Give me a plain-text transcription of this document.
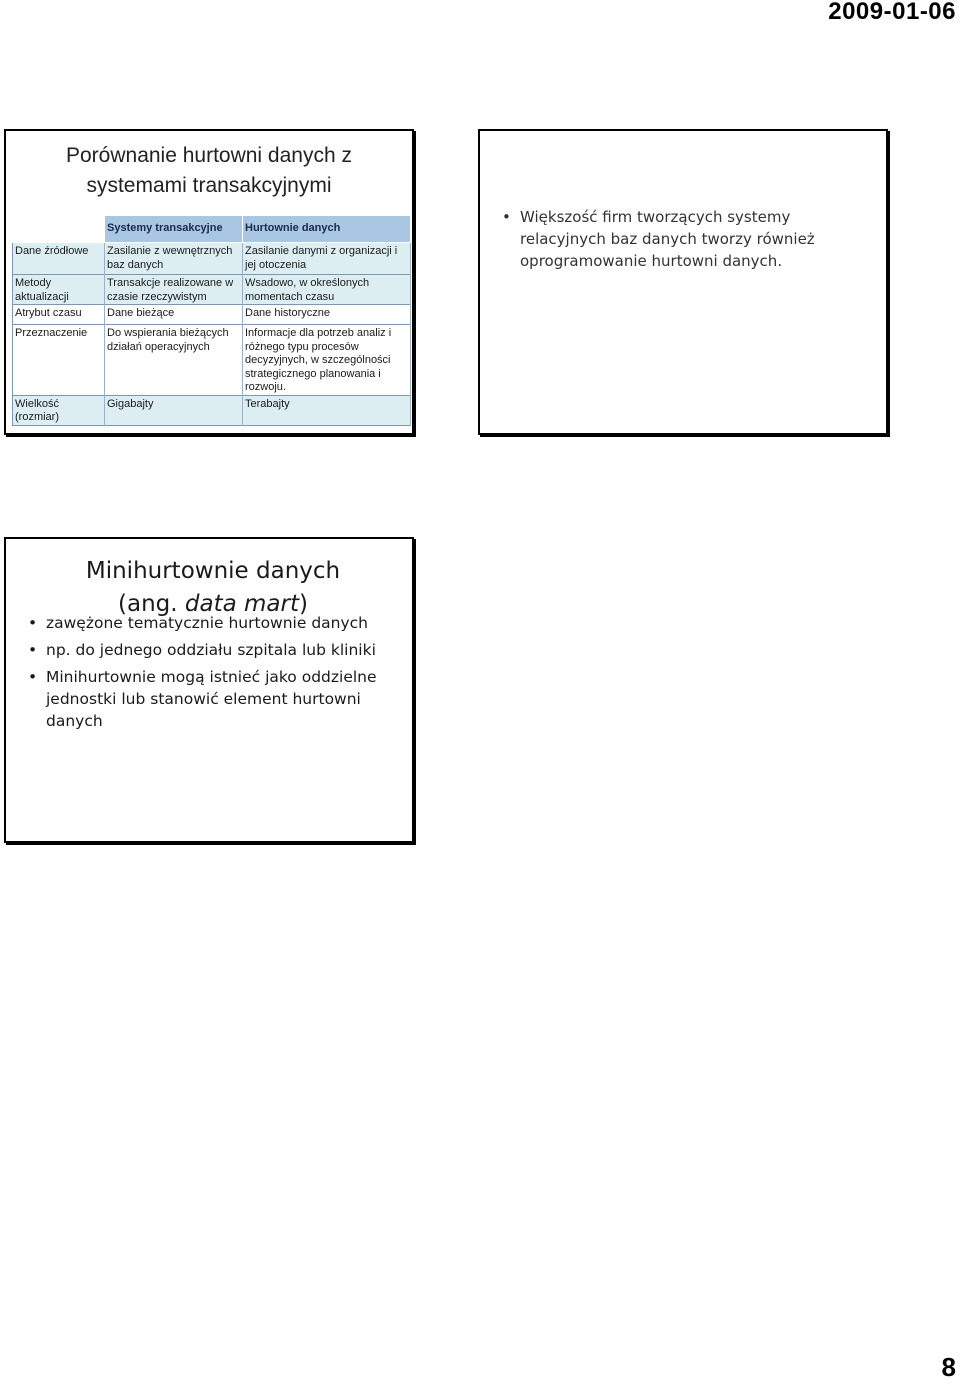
2009-01-06
Porównanie hurtowni danych z
systemami transakcyjnymi
	Systemy transakcyjne	Hurtownie danych
Dane źródłowe	Zasilanie z wewnętrznych baz danych	Zasilanie danymi z organizacji i jej otoczenia
Metody aktualizacji	Transakcje realizowane w czasie rzeczywistym	Wsadowo, w określonych momentach czasu
Atrybut czasu	Dane bieżące	Dane historyczne
Przeznaczenie	Do wspierania bieżących działań operacyjnych	Informacje dla potrzeb analiz i różnego typu procesów decyzyjnych, w szczególności strategicznego planowania i rozwoju.
Wielkość (rozmiar)	Gigabajty	Terabajty
• Większość firm tworzących systemy relacyjnych baz danych tworzy również oprogramowanie hurtowni danych.
Minihurtownie danych
(ang. data mart)
• zawężone tematycznie hurtownie danych
• np. do jednego oddziału szpitala lub kliniki
• Minihurtownie mogą istnieć jako oddzielne jednostki lub stanowić element hurtowni danych
8
